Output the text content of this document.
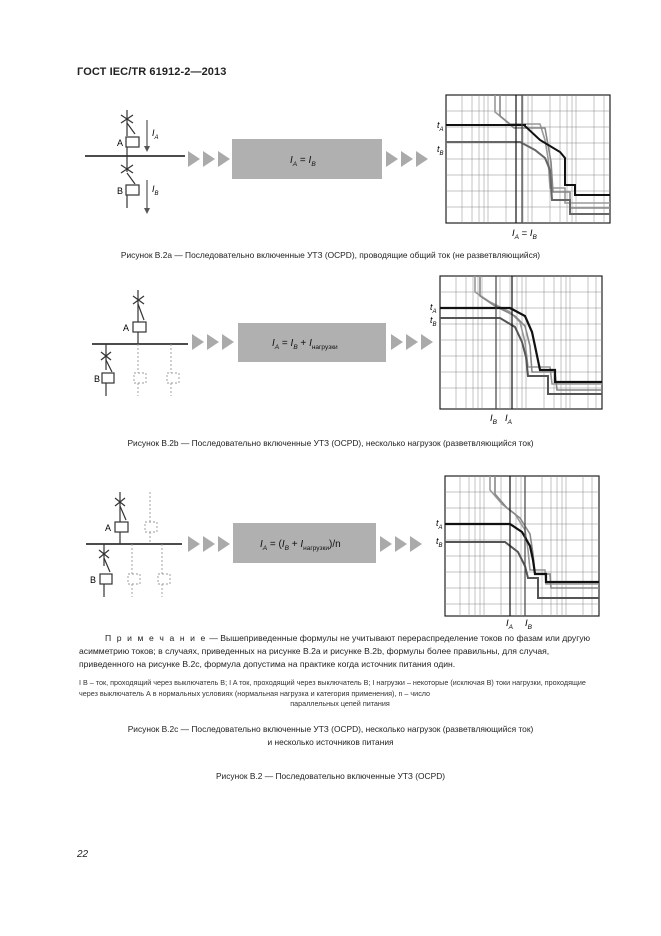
ГОСТ IEC/TR 61912-2—2013
A
B
$I_A$
$I_B$
$I_A = I_B$
$t_A$
$t_B$
$I_A = I_B$
Рисунок В.2а — Последовательно включенные УТЗ (OCPD), проводящие общий ток (не разветвляющийся)
A
B
$I_A = I_B + I_{нагрузки}$
$t_A$
$t_B$
$I_B$ $I_A$
Рисунок В.2b — Последовательно включенные УТЗ (OCPD), несколько нагрузок (разветвляющийся ток)
A
B
$I_A = (I_B + I_{нагрузки})/n$
$t_A$
$t_B$
$I_A$ $I_B$
П р и м е ч а н и е — Вышеприведенные формулы не учитывают перераспределение токов по фазам или другую асимметрию токов; в случаях, приведенных на рисунке В.2а и рисунке В.2b, формулы более правильны, для случая, приведенного на рисунке В.2с, формула допустима на практике когда источник питания один.
I B – ток, проходящий через выключатель В; I A ток, проходящий через выключатель В; I нагрузки – некоторые (исключая В) токи нагрузки, проходящие через выключатель А в нормальных условиях (нормальная нагрузка и категория применения), n – число
параллельных цепей питания
Рисунок В.2с — Последовательно включенные УТЗ (OCPD), несколько нагрузок (разветвляющийся ток)
и несколько источников питания
Рисунок В.2 — Последовательно включенные УТЗ (OCPD)
22
